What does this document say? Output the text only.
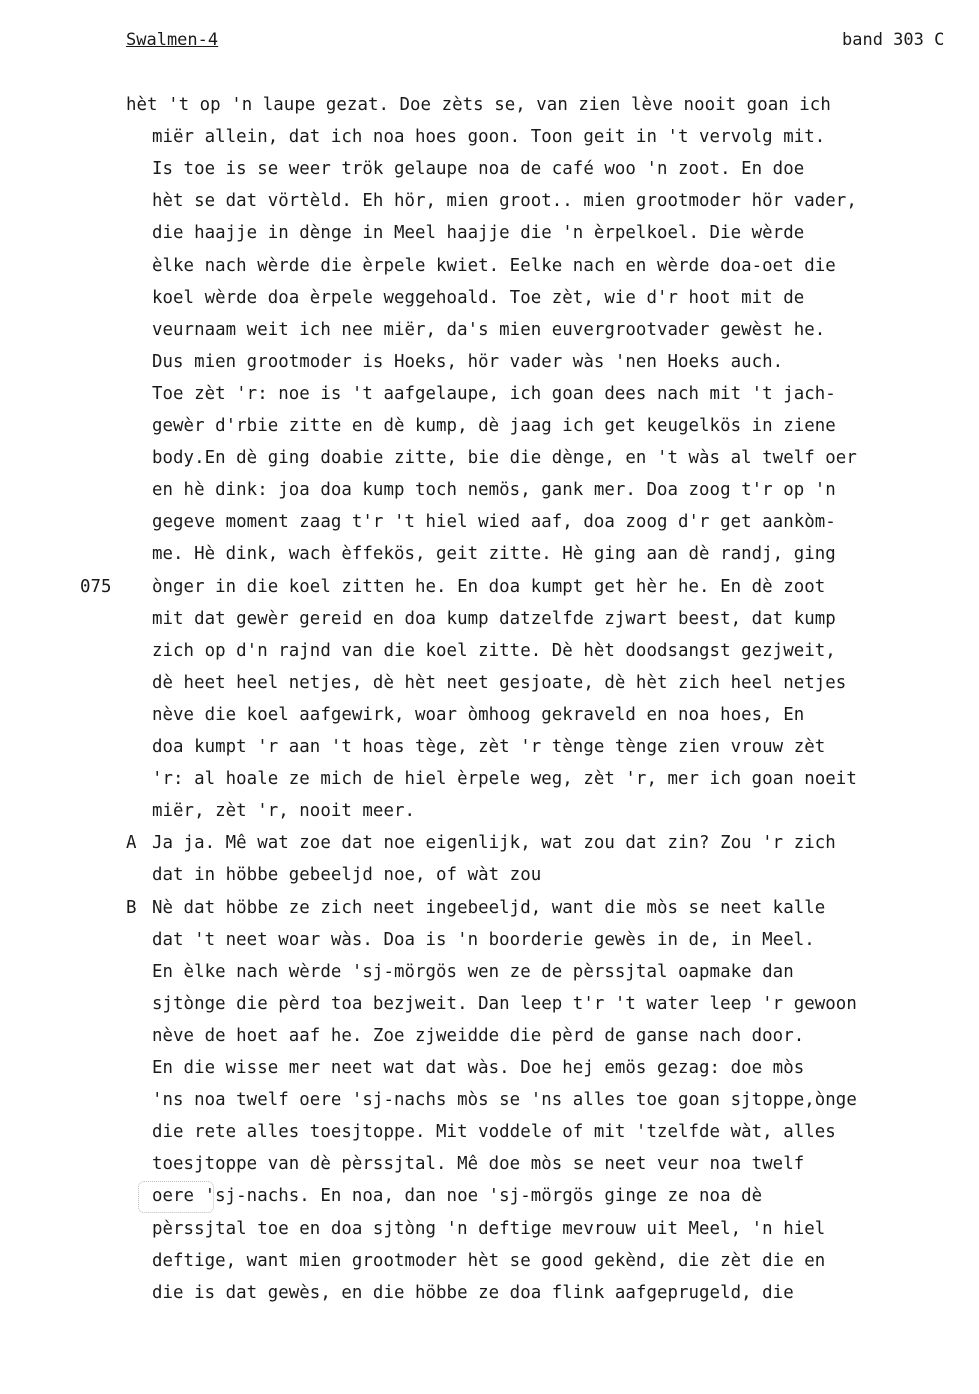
Swalmen-4	band 303 C
hèt 't op 'n laupe gezat. Doe zèts se, van zien lève nooit goan ich
miër allein, dat ich noa hoes goon. Toon geit in 't vervolg mit.
Is toe is se weer trök gelaupe noa de café woo 'n zoot. En doe
hèt se dat vörtèld. Eh hör, mien groot.. mien grootmoder hör vader,
die haajje in dènge in Meel haajje die 'n èrpelkoel. Die wèrde
èlke nach wèrde die èrpele kwiet. Eelke nach en wèrde doa-oet die
koel wèrde doa èrpele weggehoald. Toe zèt, wie d'r hoot mit de
veurnaam weit ich nee miër, da's mien euvergrootvader gewèst he.
Dus mien grootmoder is Hoeks, hör vader wàs 'nen Hoeks auch.
Toe zèt 'r: noe is 't aafgelaupe, ich goan dees nach mit 't jach-
gewèr d'rbie zitte en dè kump, dè jaag ich get keugelkös in ziene
body.En dè ging doabie zitte, bie die dènge, en 't wàs al twelf oer
en hè dink: joa doa kump toch nemös, gank mer. Doa zoog t'r op 'n
gegeve moment zaag t'r 't hiel wied aaf, doa zoog d'r get aankòm-
me. Hè dink, wach èffekös, geit zitte. Hè ging aan dè randj, ging
075 ònger in die koel zitten he. En doa kumpt get hèr he. En dè zoot
mit dat gewèr gereid en doa kump datzelfde zjwart beest, dat kump
zich op d'n rajnd van die koel zitte. Dè hèt doodsangst gezjweit,
dè heet heel netjes, dè hèt neet gesjoate, dè hèt zich heel netjes
nève die koel aafgewirk, woar òmhoog gekraveld en noa hoes, En
doa kumpt 'r aan 't hoas tège, zèt 'r tènge tènge zien vrouw zèt
'r: al hoale ze mich de hiel èrpele weg, zèt 'r, mer ich goan noeit
miër, zèt 'r, nooit meer.
A Ja ja. Mê wat zoe dat noe eigenlijk, wat zou dat zin? Zou 'r zich
dat in höbbe gebeeljd noe, of wàt zou
B Nè dat höbbe ze zich neet ingebeeljd, want die mòs se neet kalle
dat 't neet woar wàs. Doa is 'n boorderie gewès in de, in Meel.
En èlke nach wèrde 'sj-mörgös wen ze de pèrssjtal oapmake dan
sjtònge die pèrd toa bezjweit. Dan leep t'r 't water leep 'r gewoon
nève de hoet aaf he. Zoe zjweidde die pèrd de ganse nach door.
En die wisse mer neet wat dat wàs. Doe hej emös gezag: doe mòs
'ns noa twelf oere 'sj-nachs mòs se 'ns alles toe goan sjtoppe,ònge
die rete alles toesjtoppe. Mit voddele of mit 'tzelfde wàt, alles
toesjtoppe van dè pèrssjtal. Mê doe mòs se neet veur noa twelf
oere 'sj-nachs. En noa, dan noe 'sj-mörgös ginge ze noa dè
pèrssjtal toe en doa sjtòng 'n deftige mevrouw uit Meel, 'n hiel
deftige, want mien grootmoder hèt se good gekènd, die zèt die en
die is dat gewès, en die höbbe ze doa flink aafgeprugeld, die
